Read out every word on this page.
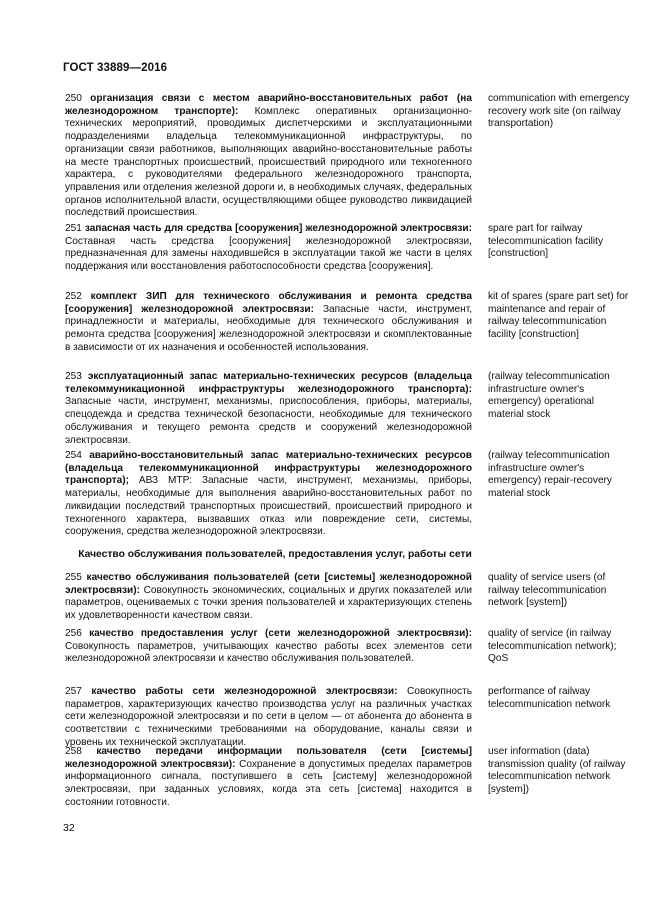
ГОСТ 33889—2016
250 организация связи с местом аварийно-восстановительных работ (на железнодорожном транспорте): Комплекс оперативных организационно-технических мероприятий, проводимых диспетчерскими и эксплуатационными подразделениями владельца телекоммуникационной инфраструктуры, по организации связи работников, выполняющих аварийно-восстановительные работы на месте транспортных происшествий, происшествий природного или техногенного характера, с руководителями федерального железнодорожного транспорта, управления или отделения железной дороги и, в необходимых случаях, федеральных органов исполнительной власти, осуществляющими общее руководство ликвидацией последствий происшествия.
communication with emergency recovery work site (on railway transportation)
251 запасная часть для средства [сооружения] железнодорожной электросвязи: Составная часть средства [сооружения] железнодорожной электросвязи, предназначенная для замены находившейся в эксплуатации такой же части в целях поддержания или восстановления работоспособности средства [сооружения].
spare part for railway telecommunication facility [construction]
252 комплект ЗИП для технического обслуживания и ремонта средства [сооружения] железнодорожной электросвязи: Запасные части, инструмент, принадлежности и материалы, необходимые для технического обслуживания и ремонта средства [сооружения] железнодорожной электросвязи и скомплектованные в зависимости от их назначения и особенностей использования.
kit of spares (spare part set) for maintenance and repair of railway telecommunication facility [construction]
253 эксплуатационный запас материально-технических ресурсов (владельца телекоммуникационной инфраструктуры железнодорожного транспорта): Запасные части, инструмент, механизмы, приспособления, приборы, материалы, спецодежда и средства технической безопасности, необходимые для технического обслуживания и текущего ремонта средств и сооружений железнодорожной электросвязи.
(railway telecommunication infrastructure owner's emergency) operational material stock
254 аварийно-восстановительный запас материально-технических ресурсов (владельца телекоммуникационной инфраструктуры железнодорожного транспорта); АВЗ МТР: Запасные части, инструмент, механизмы, приборы, материалы, необходимые для выполнения аварийно-восстановительных работ по ликвидации последствий транспортных происшествий, происшествий природного и техногенного характера, вызвавших отказ или повреждение сети, системы, сооружения, средства железнодорожной электросвязи.
(railway telecommunication infrastructure owner's emergency) repair-recovery material stock
Качество обслуживания пользователей, предоставления услуг, работы сети
255 качество обслуживания пользователей (сети [системы] железнодорожной электросвязи): Совокупность экономических, социальных и других показателей или параметров, оцениваемых с точки зрения пользователей и характеризующих степень их удовлетворенности качеством связи.
quality of service users (of railway telecommunication network [system])
256 качество предоставления услуг (сети железнодорожной электросвязи): Совокупность параметров, учитывающих качество работы всех элементов сети железнодорожной электросвязи и качество обслуживания пользователей.
quality of service (in railway telecommunication network); QoS
257 качество работы сети железнодорожной электросвязи: Совокупность параметров, характеризующих качество производства услуг на различных участках сети железнодорожной электросвязи и по сети в целом — от абонента до абонента в соответствии с техническими требованиями на оборудование, каналы связи и уровень их технической эксплуатации.
performance of railway telecommunication network
258 качество передачи информации пользователя (сети [системы] железнодорожной электросвязи): Сохранение в допустимых пределах параметров информационного сигнала, поступившего в сеть [систему] железнодорожной электросвязи, при заданных условиях, когда эта сеть [система] находится в состоянии готовности.
user information (data) transmission quality (of railway telecommunication network [system])
32
